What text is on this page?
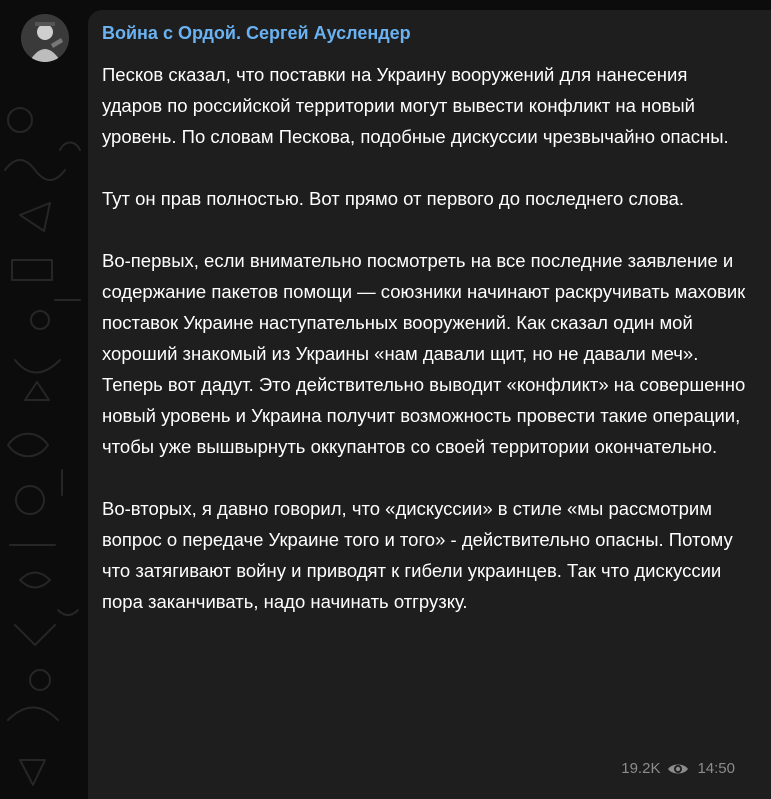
Война с Ордой. Сергей Ауслендер

Песков сказал, что поставки на Украину вооружений для нанесения ударов по российской территории могут вывести конфликт на новый уровень. По словам Пескова, подобные дискуссии чрезвычайно опасны.

Тут он прав полностью. Вот прямо от первого до последнего слова.

Во-первых, если внимательно посмотреть на все последние заявление и содержание пакетов помощи — союзники начинают раскручивать маховик поставок Украине наступательных вооружений. Как сказал один мой хороший знакомый из Украины «нам давали щит, но не давали меч». Теперь вот дадут. Это действительно выводит «конфликт» на совершенно новый уровень и Украина получит возможность провести такие операции, чтобы уже вышвырнуть оккупантов со своей территории окончательно.

Во-вторых, я давно говорил, что «дискуссии» в стиле «мы рассмотрим вопрос о передаче Украине того и того» - действительно опасны. Потому что затягивают войну и приводят к гибели украинцев. Так что дискуссии пора заканчивать, надо начинать отгрузку.

19.2K 14:50
